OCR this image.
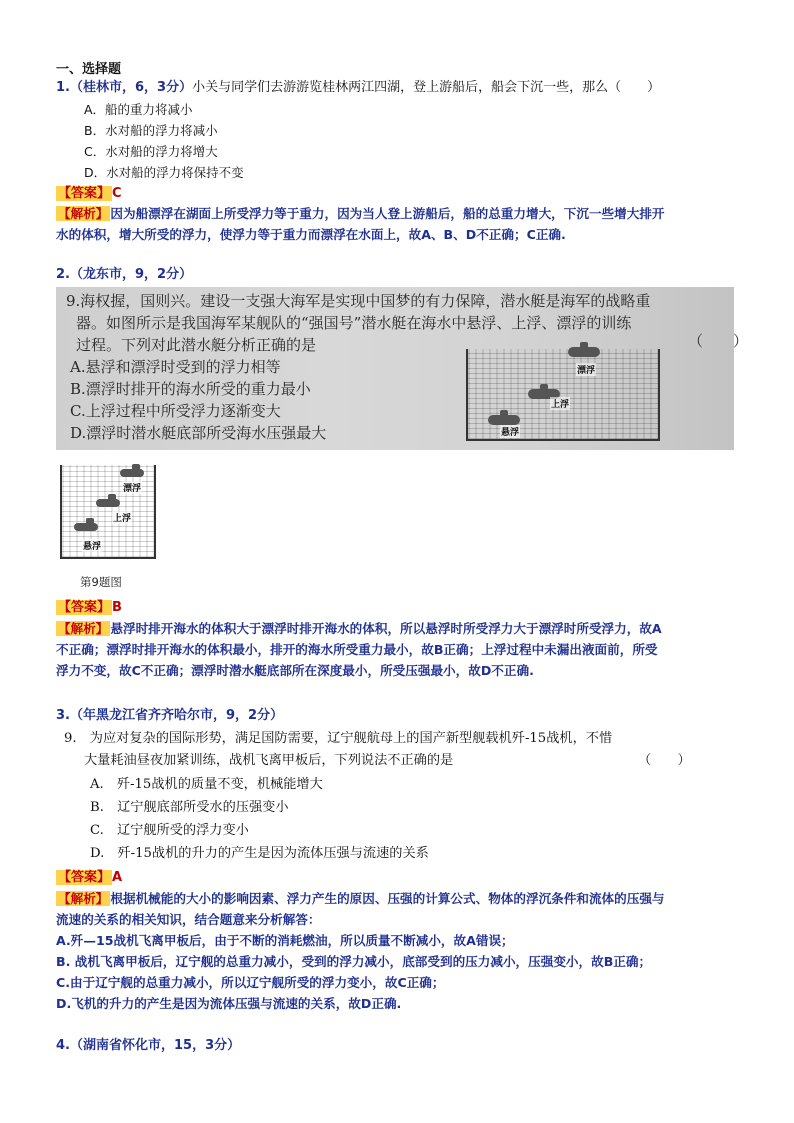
一、选择题
1.（桂林市，6，3分）小关与同学们去游游览桂林两江四湖，登上游船后，船会下沉一些，那么（　　）
A．船的重力将减小
B．水对船的浮力将减小
C．水对船的浮力将增大
D．水对船的浮力将保持不变
【答案】 C
【解析】 因为船漂浮在湖面上所受浮力等于重力，因为当人登上游船后，船的总重力增大，下沉一些增大排开
水的体积，增大所受的浮力，使浮力等于重力而漂浮在水面上，故A、B、D不正确；C正确.
2.（龙东市，9，2分）
9.海权握，国则兴。建设一支强大海军是实现中国梦的有力保障，潜水艇是海军的战略重
器。如图所示是我国海军某舰队的“强国号”潜水艇在海水中悬浮、上浮、漂浮的训练
过程。下列对此潜水艇分析正确的是	（　　）
A.悬浮和漂浮时受到的浮力相等
B.漂浮时排开的海水所受的重力最小
C.上浮过程中所受浮力逐渐变大
D.漂浮时潜水艇底部所受海水压强最大
漂浮
上浮
悬浮
漂浮
上浮
悬浮
第9题图
【答案】 B
【解析】 悬浮时排开海水的体积大于漂浮时排开海水的体积，所以悬浮时所受浮力大于漂浮时所受浮力，故A
不正确；漂浮时排开海水的体积最小，排开的海水所受重力最小，故B正确；上浮过程中未漏出液面前，所受
浮力不变，故C不正确；漂浮时潜水艇底部所在深度最小，所受压强最小，故D不正确.
3.（年黑龙江省齐齐哈尔市，9，2分）
9.　为应对复杂的国际形势，满足国防需要，辽宁舰航母上的国产新型舰载机歼-15战机，不惜
大量耗油昼夜加紧训练，战机飞离甲板后，下列说法不正确的是	（　　）
A.　歼-15战机的质量不变，机械能增大
B.　辽宁舰底部所受水的压强变小
C.　辽宁舰所受的浮力变小
D.　歼-15战机的升力的产生是因为流体压强与流速的关系
【答案】 A
【解析】 根据机械能的大小的影响因素、浮力产生的原因、压强的计算公式、物体的浮沉条件和流体的压强与
流速的关系的相关知识，结合题意来分析解答：
A.歼—15战机飞离甲板后，由于不断的消耗燃油，所以质量不断减小，故A错误；
B. 战机飞离甲板后，辽宁舰的总重力减小，受到的浮力减小，底部受到的压力减小，压强变小，故B正确；
C.由于辽宁舰的总重力减小，所以辽宁舰所受的浮力变小，故C正确；
D.飞机的升力的产生是因为流体压强与流速的关系，故D正确.
4.（湖南省怀化市，15，3分）
